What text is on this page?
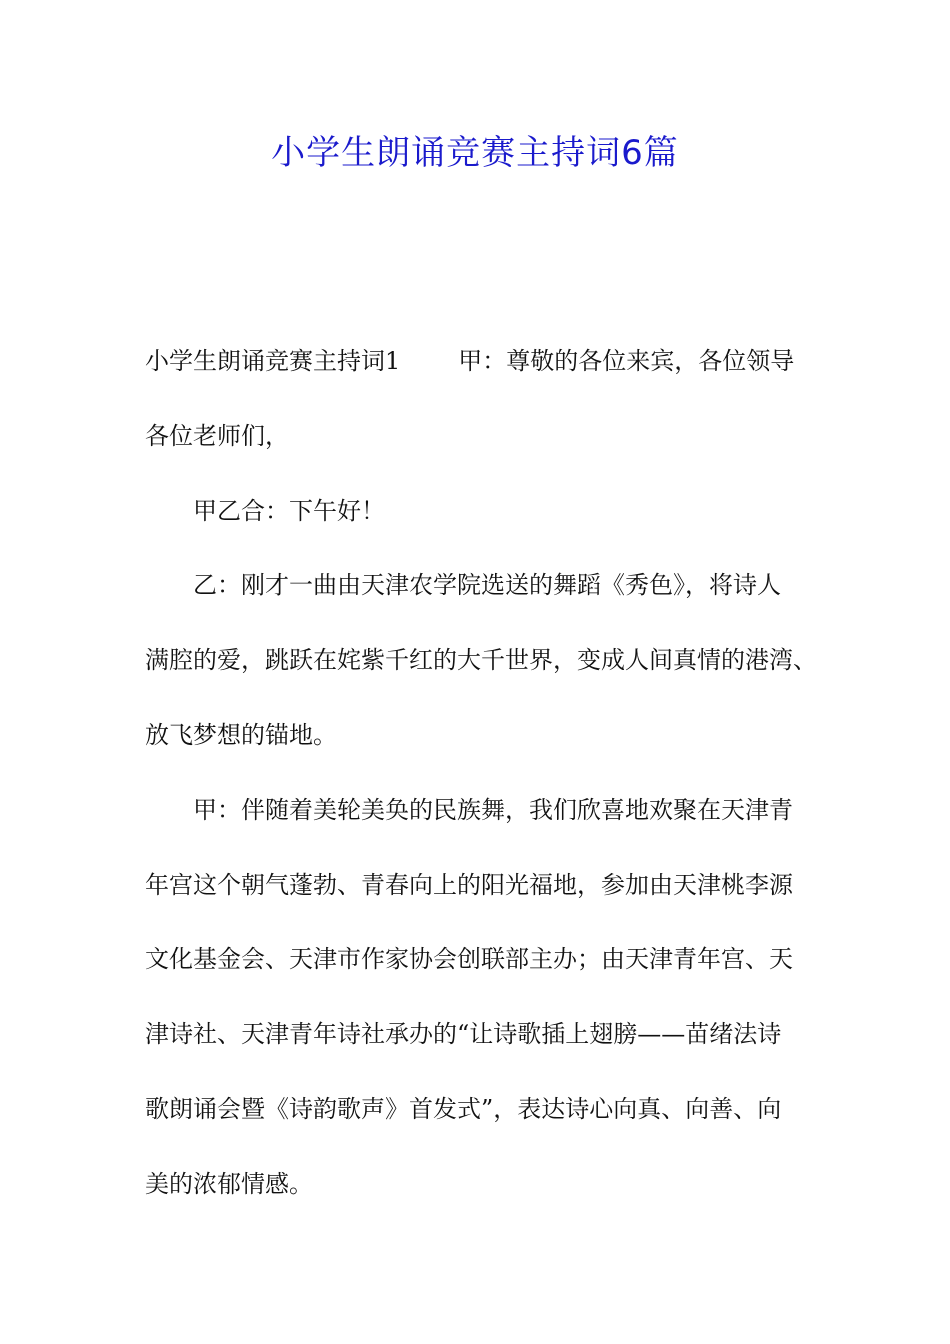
小学生朗诵竞赛主持词6篇
小学生朗诵竞赛主持词1 甲：尊敬的各位来宾，各位领导
各位老师们，
甲乙合：下午好！
乙：刚才一曲由天津农学院选送的舞蹈《秀色》，将诗人
满腔的爱，跳跃在姹紫千红的大千世界，变成人间真情的港湾、
放飞梦想的锚地。
甲：伴随着美轮美奂的民族舞，我们欣喜地欢聚在天津青
年宫这个朝气蓬勃、青春向上的阳光福地，参加由天津桃李源
文化基金会、天津市作家协会创联部主办；由天津青年宫、天
津诗社、天津青年诗社承办的“让诗歌插上翅膀——苗绪法诗
歌朗诵会暨《诗韵歌声》首发式”，表达诗心向真、向善、向
美的浓郁情感。
